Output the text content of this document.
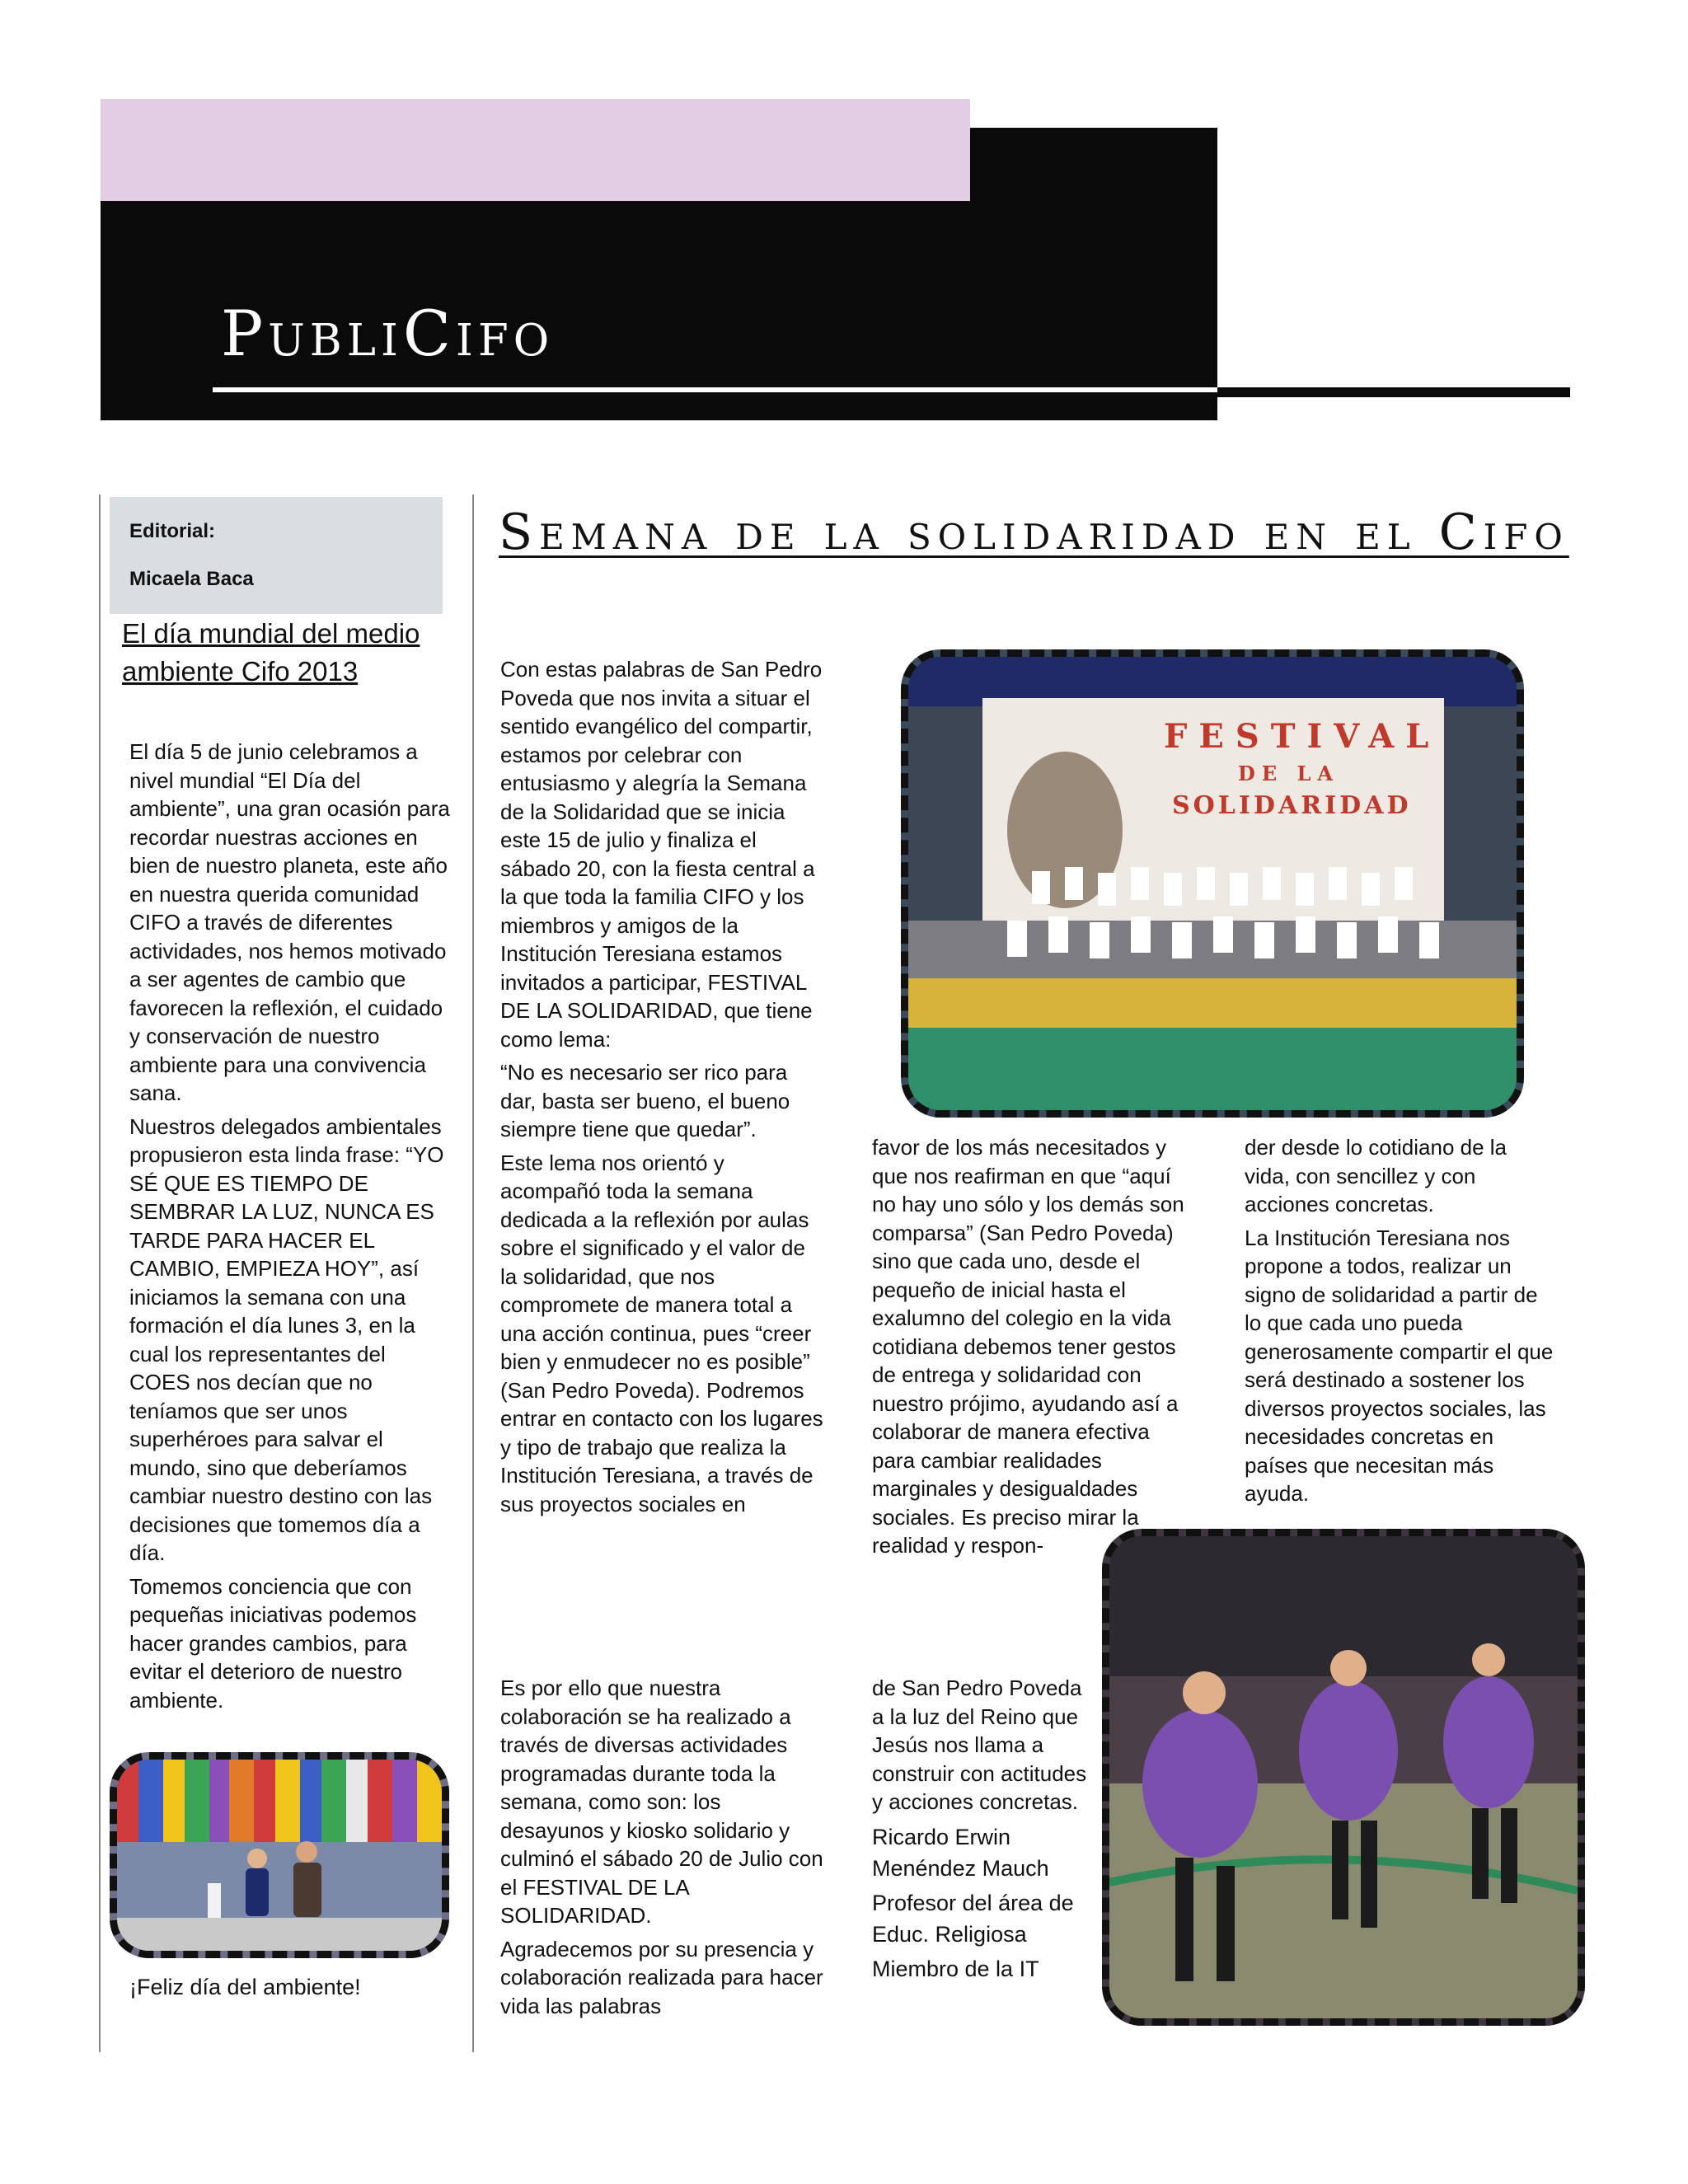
PubliCifo

Editorial:

Micaela Baca

El día mundial del medio ambiente Cifo 2013

El día 5 de junio celebramos a nivel mundial “El Día del ambiente”, una gran ocasión para recordar nuestras acciones en bien de nuestro planeta, este año en nuestra querida comunidad CIFO a través de diferentes actividades, nos hemos motivado a ser agentes de cambio que favorecen la reflexión, el cuidado y conservación de nuestro ambiente para una convivencia sana.

Nuestros delegados ambientales propusieron esta linda frase: “YO SÉ QUE ES TIEMPO DE SEMBRAR LA LUZ, NUNCA ES TARDE PARA HACER EL CAMBIO, EMPIEZA HOY”, así iniciamos la semana con una formación el día lunes 3, en la cual los representantes del COES nos decían que no teníamos que ser unos superhéroes para salvar el mundo, sino que deberíamos cambiar nuestro destino con las decisiones que tomemos día a día.

Tomemos conciencia que con pequeñas iniciativas podemos hacer grandes cambios, para evitar el deterioro de nuestro ambiente.

¡Feliz día del ambiente!

Semana de la solidaridad en el Cifo

Con estas palabras de San Pedro Poveda que nos invita a situar el sentido evangélico del compartir, estamos por celebrar con entusiasmo y alegría la Semana de la Solidaridad que se inicia este 15 de julio y finaliza el sábado 20, con la fiesta central a la que toda la familia CIFO y los miembros y amigos de la Institución Teresiana estamos invitados a participar, FESTIVAL DE LA SOLIDARIDAD, que tiene como lema:

“No es necesario ser rico para dar, basta ser bueno, el bueno siempre tiene que quedar”.

Este lema nos orientó y acompañó toda la semana dedicada a la reflexión por aulas sobre el significado y el valor de la solidaridad, que nos compromete de manera total a una acción continua, pues “creer bien y enmudecer no es posible” (San Pedro Poveda). Podremos entrar en contacto con los lugares y tipo de trabajo que realiza la Institución Teresiana, a través de sus proyectos sociales en

Es por ello que nuestra colaboración se ha realizado a través de diversas actividades programadas durante toda la semana, como son: los desayunos y kiosko solidario y culminó el sábado 20 de Julio con el FESTIVAL DE LA SOLIDARIDAD.

Agradecemos por su presencia y colaboración realizada para hacer vida las palabras

FESTIVAL
DE LA
SOLIDARIDAD

favor de los más necesitados y que nos reafirman en que “aquí no hay uno sólo y los demás son comparsa” (San Pedro Poveda) sino que cada uno, desde el pequeño de inicial hasta el exalumno del colegio en la vida cotidiana debemos tener gestos de entrega y solidaridad con nuestro prójimo, ayudando así a colaborar de manera efectiva para cambiar realidades marginales y desigualdades sociales. Es preciso mirar la realidad y respon-

de San Pedro Poveda a la luz del Reino que Jesús nos llama a construir con actitudes y acciones concretas.

Ricardo Erwin Menéndez Mauch

Profesor del área de Educ. Religiosa

Miembro de la IT

der desde lo cotidiano de la vida, con sencillez y con acciones concretas.

La Institución Teresiana nos propone a todos, realizar un signo de solidaridad a partir de lo que cada uno pueda generosamente compartir el que será destinado a sostener los diversos proyectos sociales, las necesidades concretas en países que necesitan más ayuda.
